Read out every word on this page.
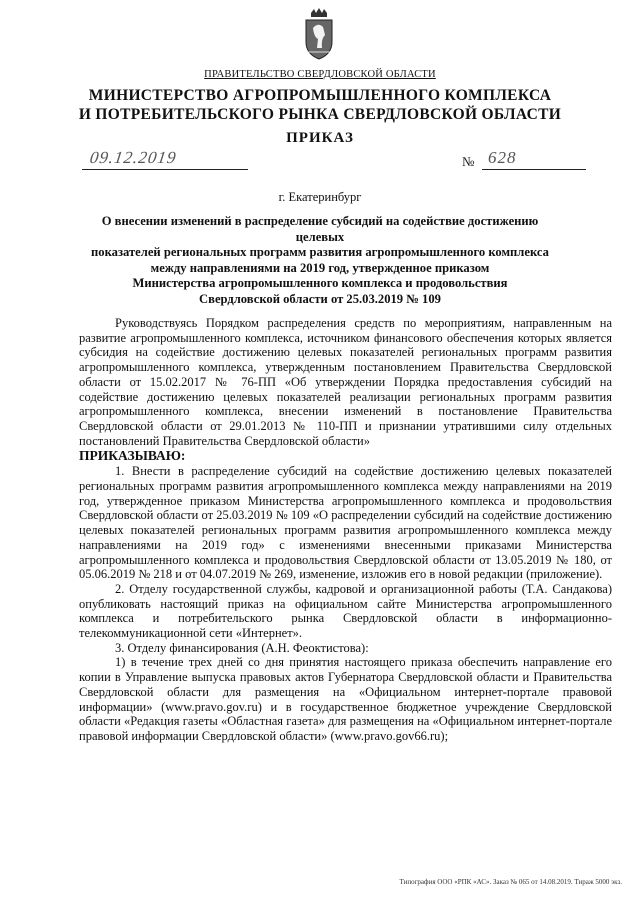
ПРАВИТЕЛЬСТВО СВЕРДЛОВСКОЙ ОБЛАСТИ
МИНИСТЕРСТВО АГРОПРОМЫШЛЕННОГО КОМПЛЕКСА
И ПОТРЕБИТЕЛЬСКОГО РЫНКА СВЕРДЛОВСКОЙ ОБЛАСТИ
ПРИКАЗ
09.12.2019	№ 628
г. Екатеринбург
О внесении изменений в распределение субсидий на содействие достижению целевых
показателей региональных программ развития агропромышленного комплекса
между направлениями на 2019 год, утвержденное приказом
Министерства агропромышленного комплекса и продовольствия
Свердловской области от 25.03.2019 № 109

Руководствуясь Порядком распределения средств по мероприятиям, направленным на развитие агропромышленного комплекса, источником финансового обеспечения которых является субсидия на содействие достижению целевых показателей региональных программ развития агропромышленного комплекса, утвержденным постановлением Правительства Свердловской области от 15.02.2017 № 76-ПП «Об утверждении Порядка предоставления субсидий на содействие достижению целевых показателей реализации региональных программ развития агропромышленного комплекса, внесении изменений в постановление Правительства Свердловской области от 29.01.2013 № 110-ПП и признании утратившими силу отдельных постановлений Правительства Свердловской области»

ПРИКАЗЫВАЮ:

1. Внести в распределение субсидий на содействие достижению целевых показателей региональных программ развития агропромышленного комплекса между направлениями на 2019 год, утвержденное приказом Министерства агропромышленного комплекса и продовольствия Свердловской области от 25.03.2019 № 109 «О распределении субсидий на содействие достижению целевых показателей региональных программ развития агропромышленного комплекса между направлениями на 2019 год» с изменениями внесенными приказами Министерства агропромышленного комплекса и продовольствия Свердловской области от 13.05.2019 № 180, от 05.06.2019 № 218 и от 04.07.2019 № 269, изменение, изложив его в новой редакции (приложение).

2. Отделу государственной службы, кадровой и организационной работы (Т.А. Сандакова) опубликовать настоящий приказ на официальном сайте Министерства агропромышленного комплекса и потребительского рынка Свердловской области в информационно-телекоммуникационной сети «Интернет».

3. Отделу финансирования (А.Н. Феоктистова):

1) в течение трех дней со дня принятия настоящего приказа обеспечить направление его копии в Управление выпуска правовых актов Губернатора Свердловской области и Правительства Свердловской области для размещения на «Официальном интернет-портале правовой информации» (www.pravo.gov.ru) и в государственное бюджетное учреждение Свердловской области «Редакция газеты «Областная газета» для размещения на «Официальном интернет-портале правовой информации Свердловской области» (www.pravo.gov66.ru);

Типография ООО «РПК «АС». Заказ № 065 от 14.08.2019. Тираж 5000 экз.
